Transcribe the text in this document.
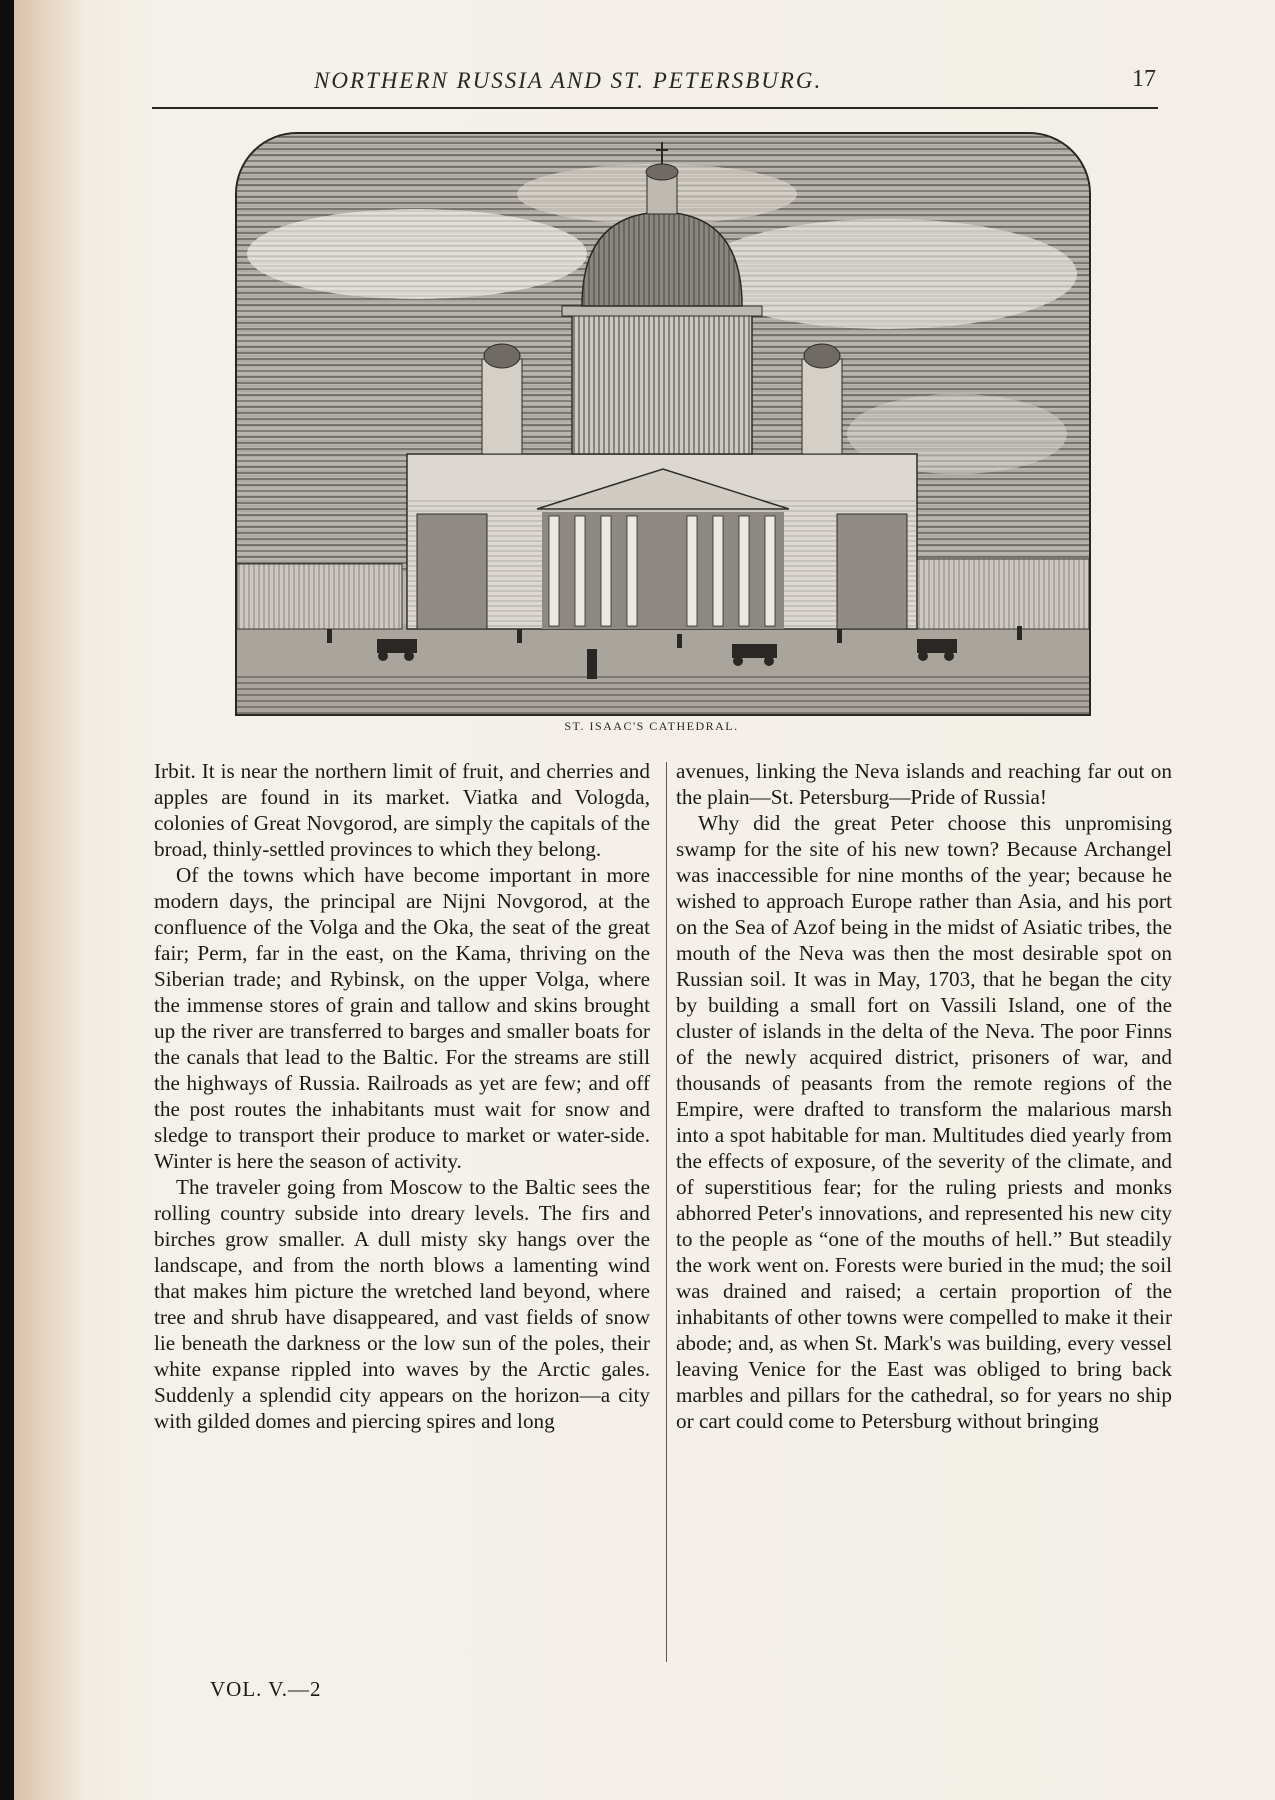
NORTHERN RUSSIA AND ST. PETERSBURG.	17
ST. ISAAC'S CATHEDRAL.

Irbit. It is near the northern limit of fruit, and cherries and apples are found in its market. Viatka and Vologda, colonies of Great Novgorod, are simply the capitals of the broad, thinly-settled provinces to which they belong.

Of the towns which have become important in more modern days, the principal are Nijni Novgorod, at the confluence of the Volga and the Oka, the seat of the great fair; Perm, far in the east, on the Kama, thriving on the Siberian trade; and Rybinsk, on the upper Volga, where the immense stores of grain and tallow and skins brought up the river are transferred to barges and smaller boats for the canals that lead to the Baltic. For the streams are still the highways of Russia. Railroads as yet are few; and off the post routes the inhabitants must wait for snow and sledge to transport their produce to market or water-side. Winter is here the season of activity.

The traveler going from Moscow to the Baltic sees the rolling country subside into dreary levels. The firs and birches grow smaller. A dull misty sky hangs over the landscape, and from the north blows a lamenting wind that makes him picture the wretched land beyond, where tree and shrub have disappeared, and vast fields of snow lie beneath the darkness or the low sun of the poles, their white expanse rippled into waves by the Arctic gales. Suddenly a splendid city appears on the horizon—a city with gilded domes and piercing spires and long

avenues, linking the Neva islands and reaching far out on the plain—St. Petersburg—Pride of Russia!

Why did the great Peter choose this unpromising swamp for the site of his new town? Because Archangel was inaccessible for nine months of the year; because he wished to approach Europe rather than Asia, and his port on the Sea of Azof being in the midst of Asiatic tribes, the mouth of the Neva was then the most desirable spot on Russian soil. It was in May, 1703, that he began the city by building a small fort on Vassili Island, one of the cluster of islands in the delta of the Neva. The poor Finns of the newly acquired district, prisoners of war, and thousands of peasants from the remote regions of the Empire, were drafted to transform the malarious marsh into a spot habitable for man. Multitudes died yearly from the effects of exposure, of the severity of the climate, and of superstitious fear; for the ruling priests and monks abhorred Peter's innovations, and represented his new city to the people as “one of the mouths of hell.” But steadily the work went on. Forests were buried in the mud; the soil was drained and raised; a certain proportion of the inhabitants of other towns were compelled to make it their abode; and, as when St. Mark's was building, every vessel leaving Venice for the East was obliged to bring back marbles and pillars for the cathedral, so for years no ship or cart could come to Petersburg without bringing

VOL. V.—2
